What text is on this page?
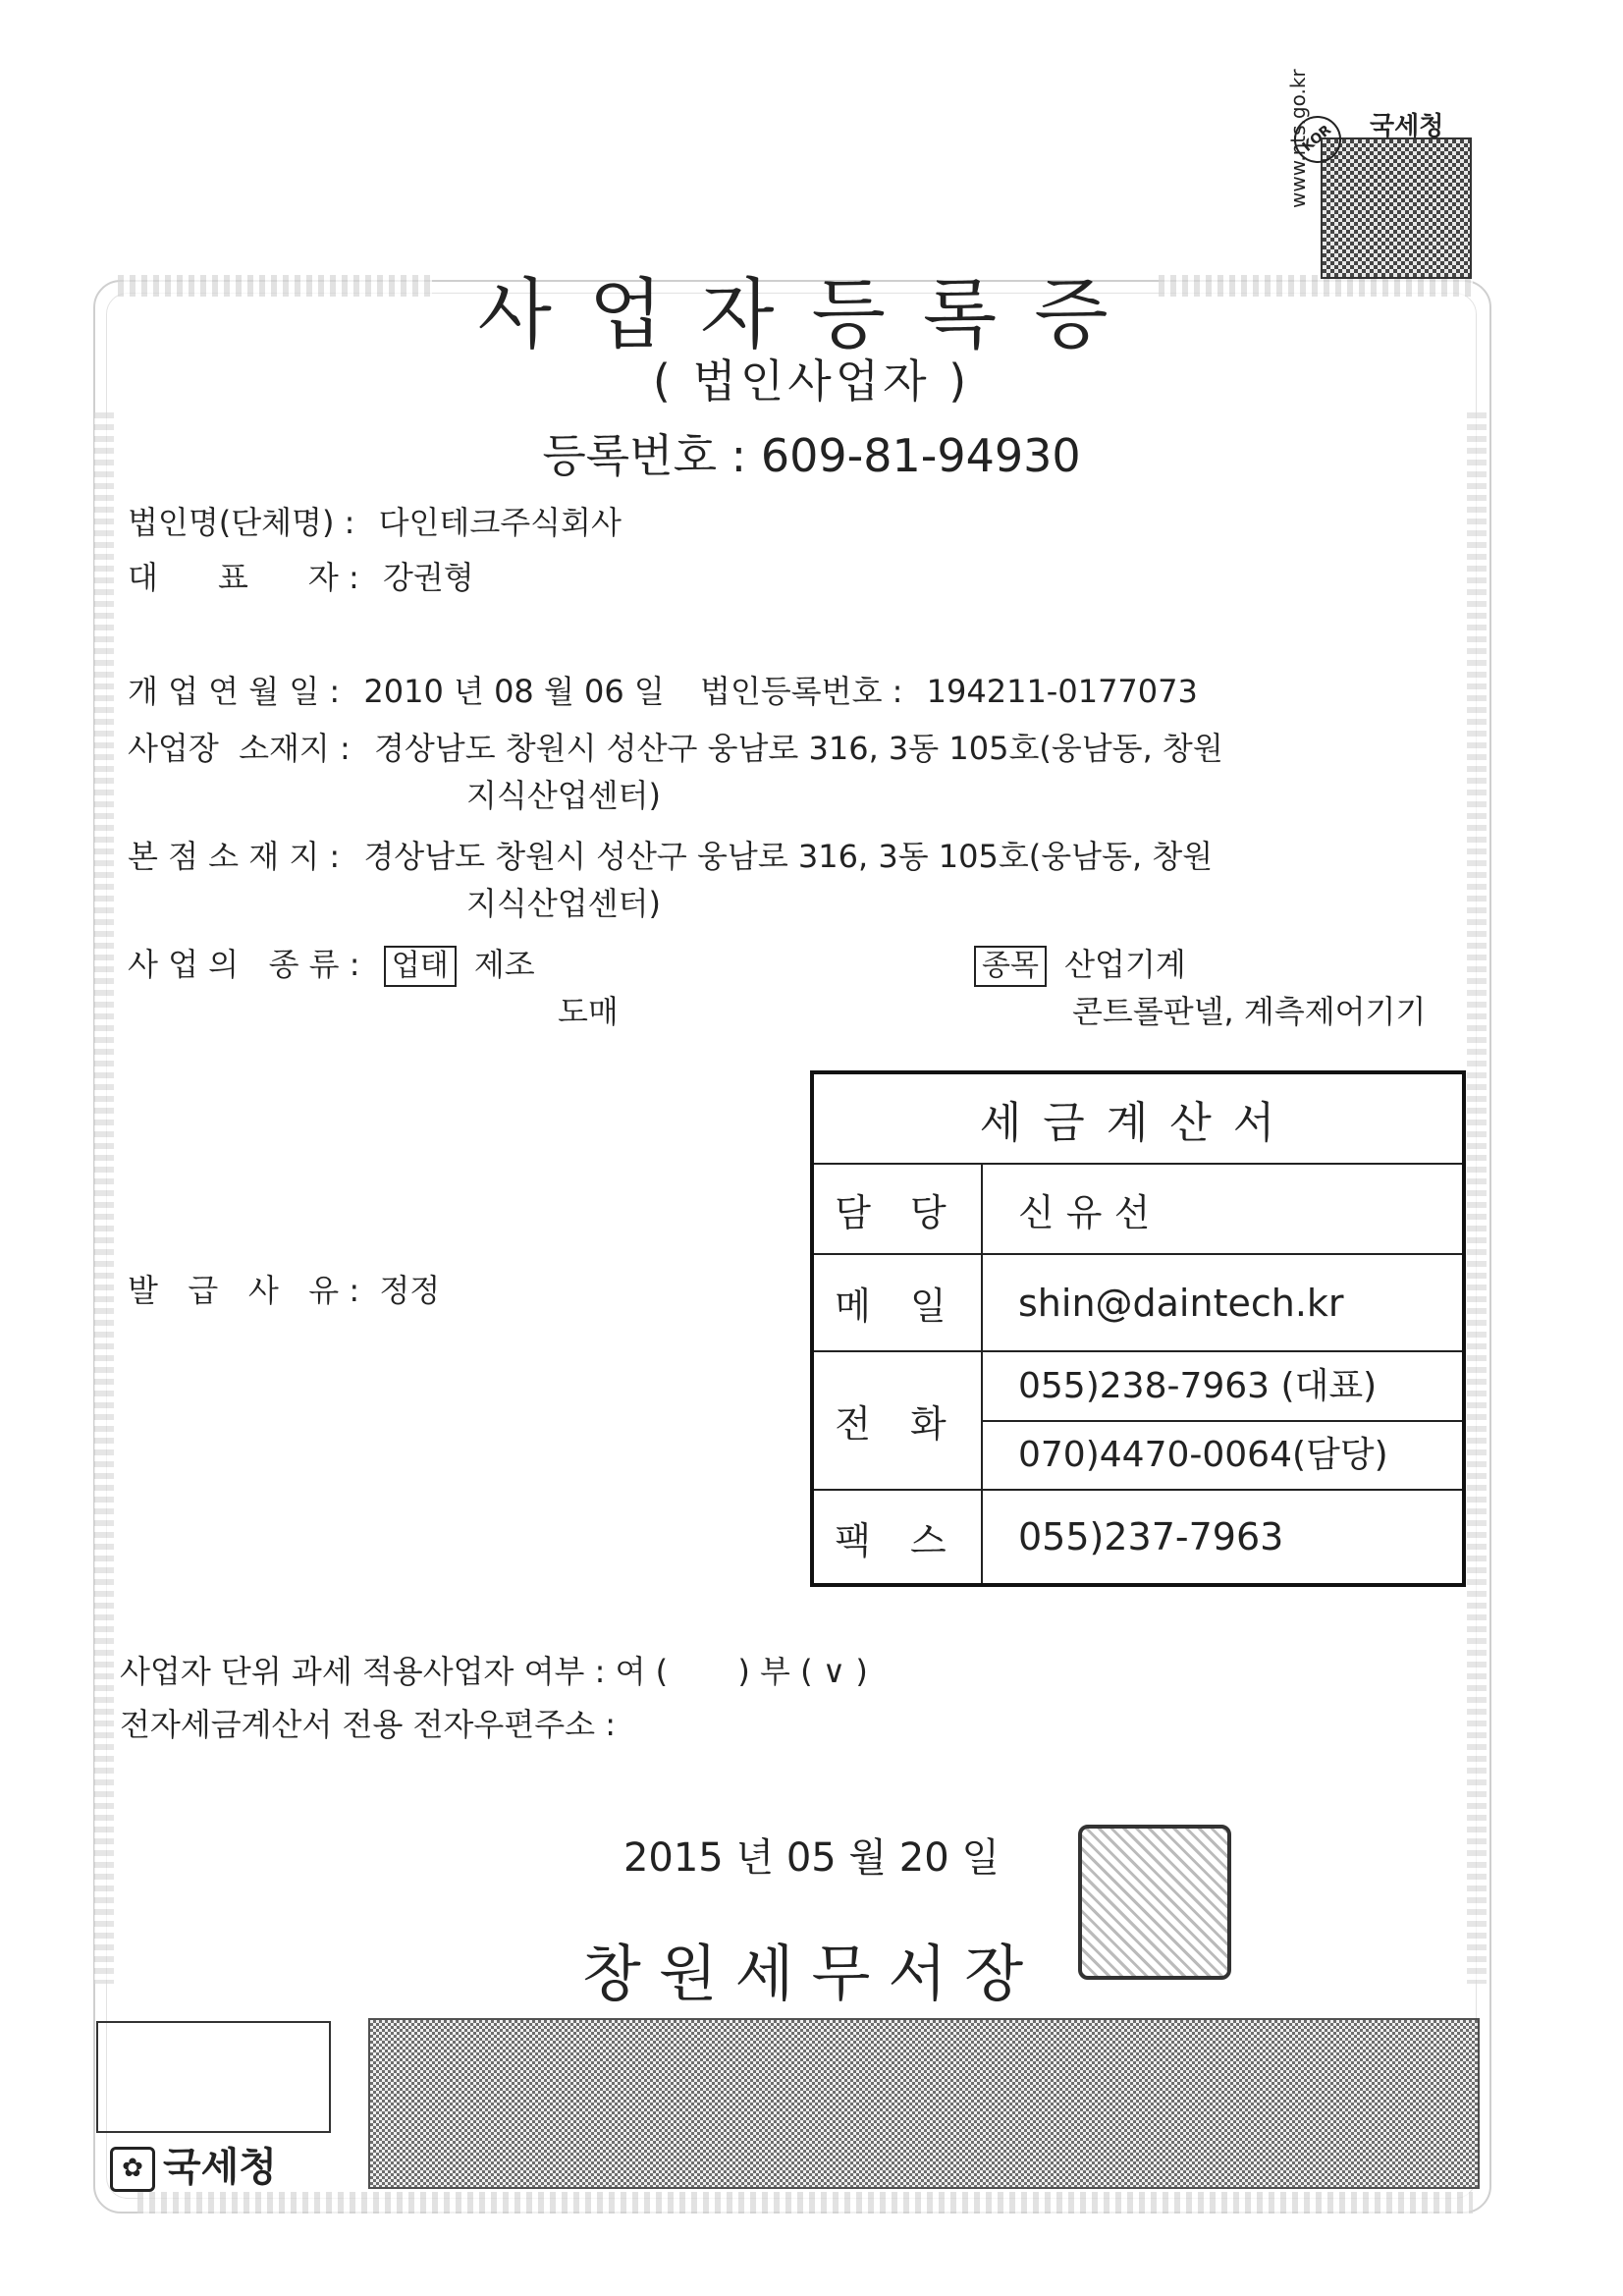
국세청
www.nts.go.kr
KOR
사업자등록증
( 법인사업자 )
등록번호 : 609-81-94930
법인명(단체명) : 다인테크주식회사
대      표      자 : 강권형
개 업 연 월 일 : 2010 년 08 월 06 일 법인등록번호 : 194211-0177073
사업장  소재지 : 경상남도 창원시 성산구 웅남로 316, 3동 105호(웅남동, 창원
지식산업센터)
본 점 소 재 지 : 경상남도 창원시 성산구 웅남로 316, 3동 105호(웅남동, 창원
지식산업센터)
사 업 의   종 류 : 업태 제조
도매
종목 산업기계
콘트롤판넬, 계측제어기기
발   급   사   유 : 정정
세금계산서	
담 당	신 유 선
메 일	shin@daintech.kr
전 화	055)238-7963 (대표)
070)4470-0064(담당)

팩 스	055)237-7963
사업자 단위 과세 적용사업자 여부 : 여 (       ) 부 ( ∨ )
전자세금계산서 전용 전자우편주소 :
2015 년 05 월 20 일
창원세무서장
✿ 국세청
